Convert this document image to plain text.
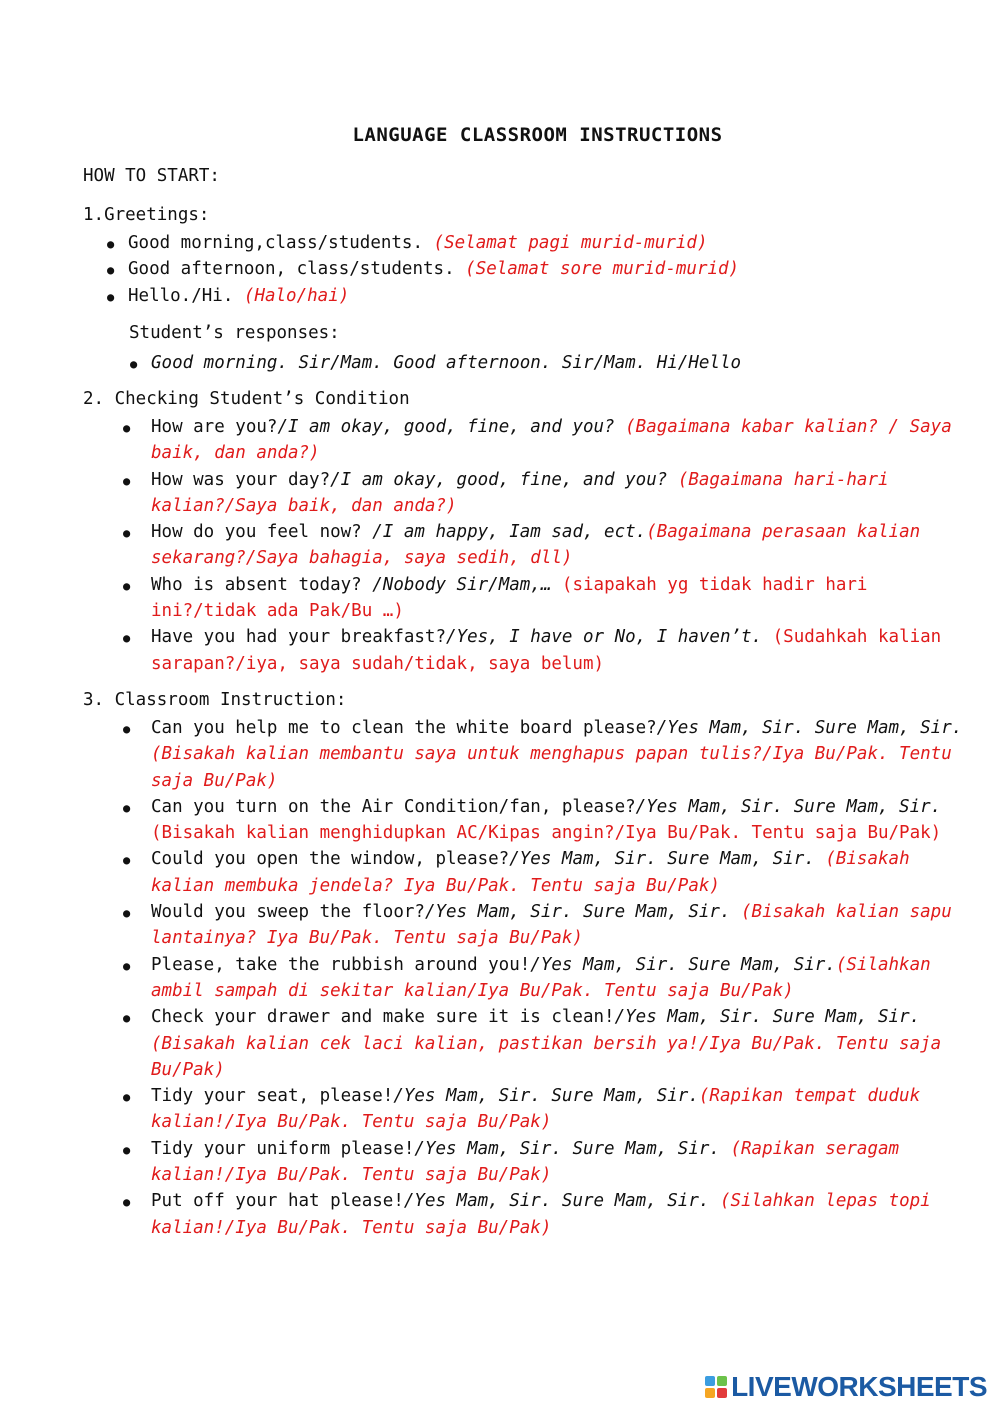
LANGUAGE CLASSROOM INSTRUCTIONS
HOW TO START:
1.Greetings:
● Good morning,class/students. (Selamat pagi murid-murid)
● Good afternoon, class/students. (Selamat sore murid-murid)
● Hello./Hi. (Halo/hai)
Student’s responses:
● Good morning. Sir/Mam. Good afternoon. Sir/Mam. Hi/Hello
2. Checking Student’s Condition
● How are you?/I am okay, good, fine, and you? (Bagaimana kabar kalian? / Saya baik, dan anda?)
● How was your day?/I am okay, good, fine, and you? (Bagaimana hari-hari kalian?/Saya baik, dan anda?)
● How do you feel now? /I am happy, Iam sad, ect.(Bagaimana perasaan kalian sekarang?/Saya bahagia, saya sedih, dll)
● Who is absent today? /Nobody Sir/Mam,… (siapakah yg tidak hadir hari ini?/tidak ada Pak/Bu …)
● Have you had your breakfast?/Yes, I have or No, I haven’t. (Sudahkah kalian sarapan?/iya, saya sudah/tidak, saya belum)
3. Classroom Instruction:
● Can you help me to clean the white board please?/Yes Mam, Sir. Sure Mam, Sir. (Bisakah kalian membantu saya untuk menghapus papan tulis?/Iya Bu/Pak. Tentu saja Bu/Pak)
● Can you turn on the Air Condition/fan, please?/Yes Mam, Sir. Sure Mam, Sir. (Bisakah kalian menghidupkan AC/Kipas angin?/Iya Bu/Pak. Tentu saja Bu/Pak)
● Could you open the window, please?/Yes Mam, Sir. Sure Mam, Sir. (Bisakah kalian membuka jendela? Iya Bu/Pak. Tentu saja Bu/Pak)
● Would you sweep the floor?/Yes Mam, Sir. Sure Mam, Sir. (Bisakah kalian sapu lantainya? Iya Bu/Pak. Tentu saja Bu/Pak)
● Please, take the rubbish around you!/Yes Mam, Sir. Sure Mam, Sir.(Silahkan ambil sampah di sekitar kalian/Iya Bu/Pak. Tentu saja Bu/Pak)
● Check your drawer and make sure it is clean!/Yes Mam, Sir. Sure Mam, Sir. (Bisakah kalian cek laci kalian, pastikan bersih ya!/Iya Bu/Pak. Tentu saja Bu/Pak)
● Tidy your seat, please!/Yes Mam, Sir. Sure Mam, Sir.(Rapikan tempat duduk kalian!/Iya Bu/Pak. Tentu saja Bu/Pak)
● Tidy your uniform please!/Yes Mam, Sir. Sure Mam, Sir. (Rapikan seragam kalian!/Iya Bu/Pak. Tentu saja Bu/Pak)
● Put off your hat please!/Yes Mam, Sir. Sure Mam, Sir. (Silahkan lepas topi kalian!/Iya Bu/Pak. Tentu saja Bu/Pak)
LIVEWORKSHEETS
